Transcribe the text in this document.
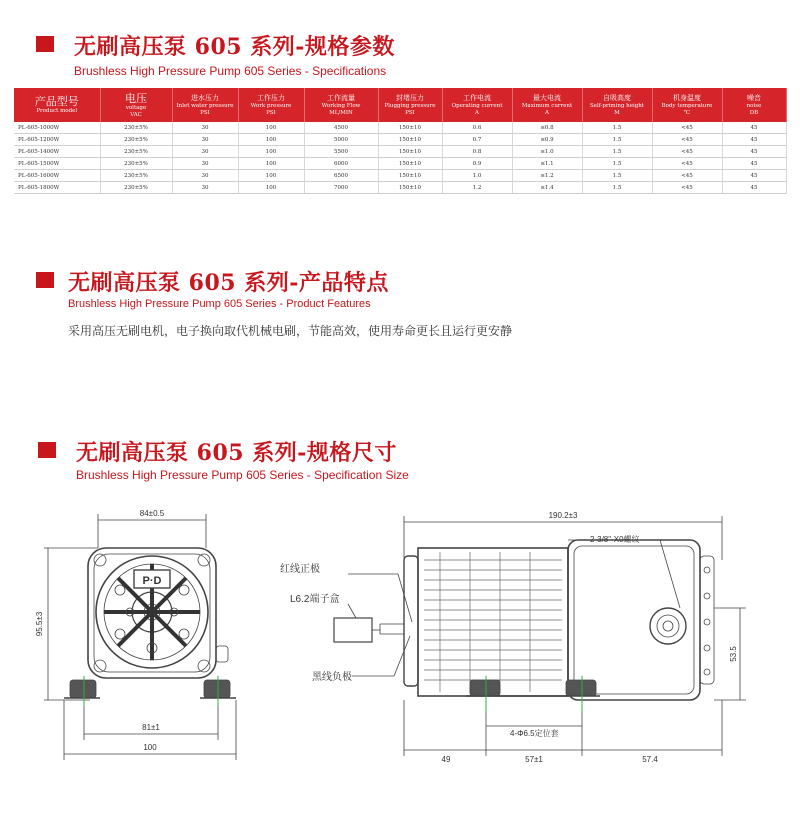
无刷高压泵 605 系列-规格参数
Brushless High Pressure Pump 605 Series - Specifications
产品型号
Product model	电压
voltage
VAC	进水压力
Inlet water pressure
PSI	工作压力
Work pressure
PSI	工作流量
Working Flow
ML/MIN	封堵压力
Plugging pressure
PSI	工作电流
Operating current
A	最大电流
Maximum current
A	自吸高度
Self-priming height
M	机身温度
Body temperature
℃	噪音
noise
DB

PL-605-1000W	230±5%	30	100	4500	150±10	0.6	≤0.8	1.5	<45	45
PL-605-1200W	230±5%	30	100	5000	150±10	0.7	≤0.9	1.5	<45	45
PL-605-1400W	230±5%	30	100	5500	150±10	0.8	≤1.0	1.5	<45	45
PL-605-1500W	230±5%	30	100	6000	150±10	0.9	≤1.1	1.5	<45	45
PL-605-1600W	230±5%	30	100	6500	150±10	1.0	≤1.2	1.5	<45	45
PL-605-1800W	230±5%	30	100	7000	150±10	1.2	≤1.4	1.5	<45	45
无刷高压泵 605 系列-产品特点
Brushless High Pressure Pump 605 Series - Product Features
采用高压无刷电机，电子换向取代机械电刷，节能高效，使用寿命更长且运行更安静
无刷高压泵 605 系列-规格尺寸
Brushless High Pressure Pump 605 Series - Specification Size
P·D
84±0.5
95.5±3
81±1
100
190.2±3
2-3/8"-X0螺纹
红线正极
L6.2端子盒
黑线负极
53.5
4-Φ6.5定位套
49	57±1	57.4
